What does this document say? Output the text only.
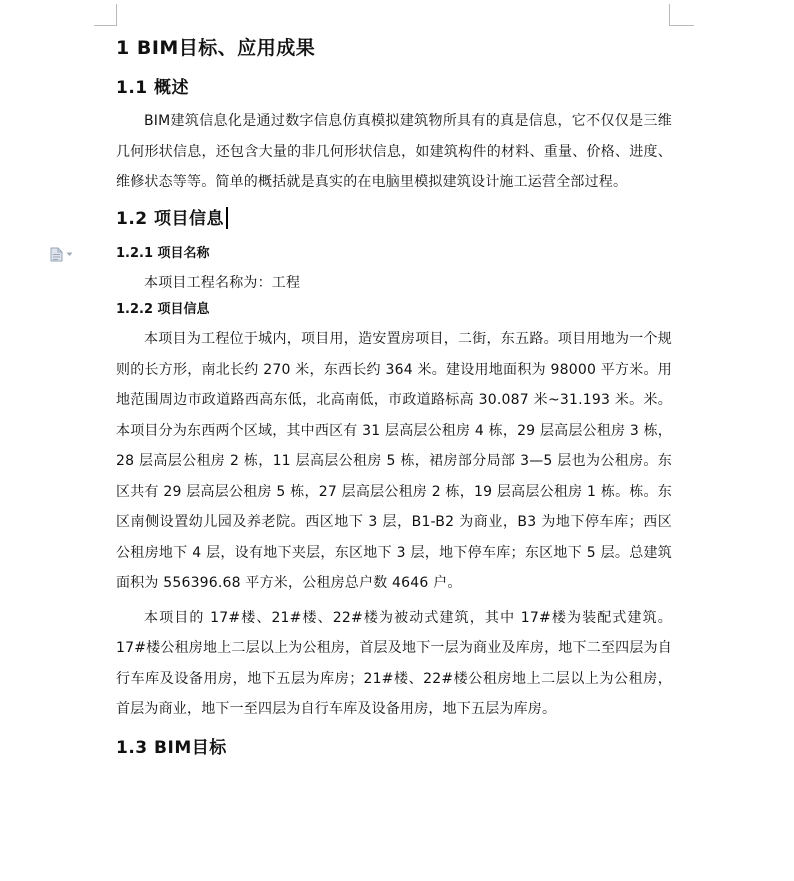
1 BIM目标、应用成果
1.1 概述

BIM建筑信息化是通过数字信息仿真模拟建筑物所具有的真是信息，它不仅仅是三维几何形状信息，还包含大量的非几何形状信息，如建筑构件的材料、重量、价格、进度、维修状态等等。简单的概括就是真实的在电脑里模拟建筑设计施工运营全部过程。

1.2 项目信息
1.2.1 项目名称

本项目工程名称为：工程

1.2.2 项目信息

本项目为工程位于城内，项目用，造安置房项目，二街，东五路。项目用地为一个规则的长方形，南北长约 270 米，东西长约 364 米。建设用地面积为 98000 平方米。用地范围周边市政道路西高东低，北高南低，市政道路标高 30.087 米~31.193 米。米。本项目分为东西两个区域，其中西区有 31 层高层公租房 4 栋，29 层高层公租房 3 栋，28 层高层公租房 2 栋，11 层高层公租房 5 栋，裙房部分局部 3—5 层也为公租房。东区共有 29 层高层公租房 5 栋，27 层高层公租房 2 栋，19 层高层公租房 1 栋。栋。东区南侧设置幼儿园及养老院。西区地下 3 层，B1-B2 为商业，B3 为地下停车库；西区公租房地下 4 层，设有地下夹层，东区地下 3 层，地下停车库；东区地下 5 层。总建筑面积为 556396.68 平方米，公租房总户数 4646 户。

本项目的 17#楼、21#楼、22#楼为被动式建筑，其中 17#楼为装配式建筑。17#楼公租房地上二层以上为公租房，首层及地下一层为商业及库房，地下二至四层为自行车库及设备用房，地下五层为库房；21#楼、22#楼公租房地上二层以上为公租房，首层为商业，地下一至四层为自行车库及设备用房，地下五层为库房。

1.3 BIM目标
